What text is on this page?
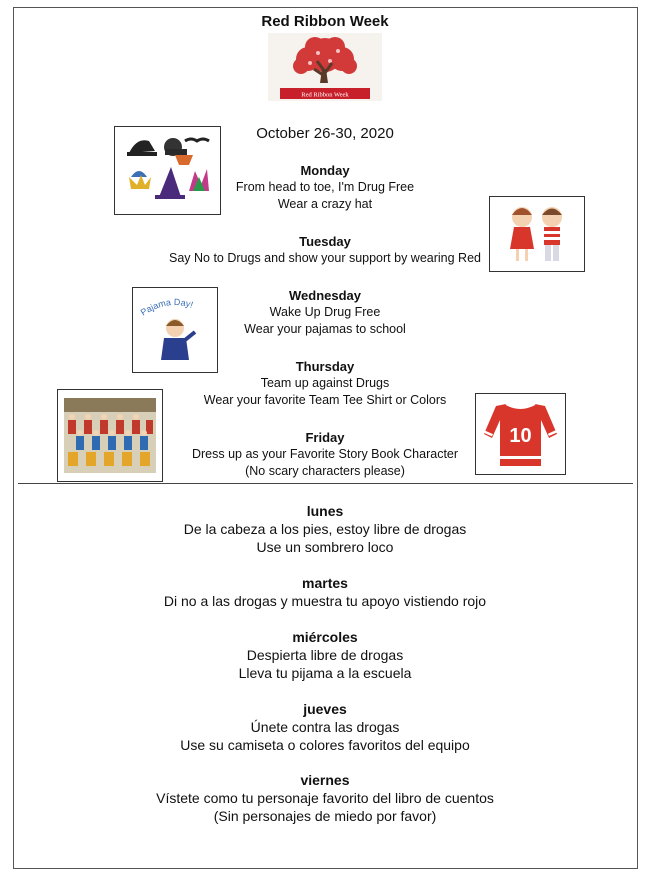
Red Ribbon Week
Red Ribbon Week
October 26-30, 2020
Pajama Day!
10
Monday
From head to toe, I'm Drug Free
Wear a crazy hat
Tuesday
Say No to Drugs and show your support by wearing Red
Wednesday
Wake Up Drug Free
Wear your pajamas to school
Thursday
Team up against Drugs
Wear your favorite Team Tee Shirt or Colors
Friday
Dress up as your Favorite Story Book Character
(No scary characters please)
lunes
De la cabeza a los pies, estoy libre de drogas
Use un sombrero loco
martes
Di no a las drogas y muestra tu apoyo vistiendo rojo
miércoles
Despierta libre de drogas
Lleva tu pijama a la escuela
jueves
Únete contra las drogas
Use su camiseta o colores favoritos del equipo
viernes
Vístete como tu personaje favorito del libro de cuentos
(Sin personajes de miedo por favor)
